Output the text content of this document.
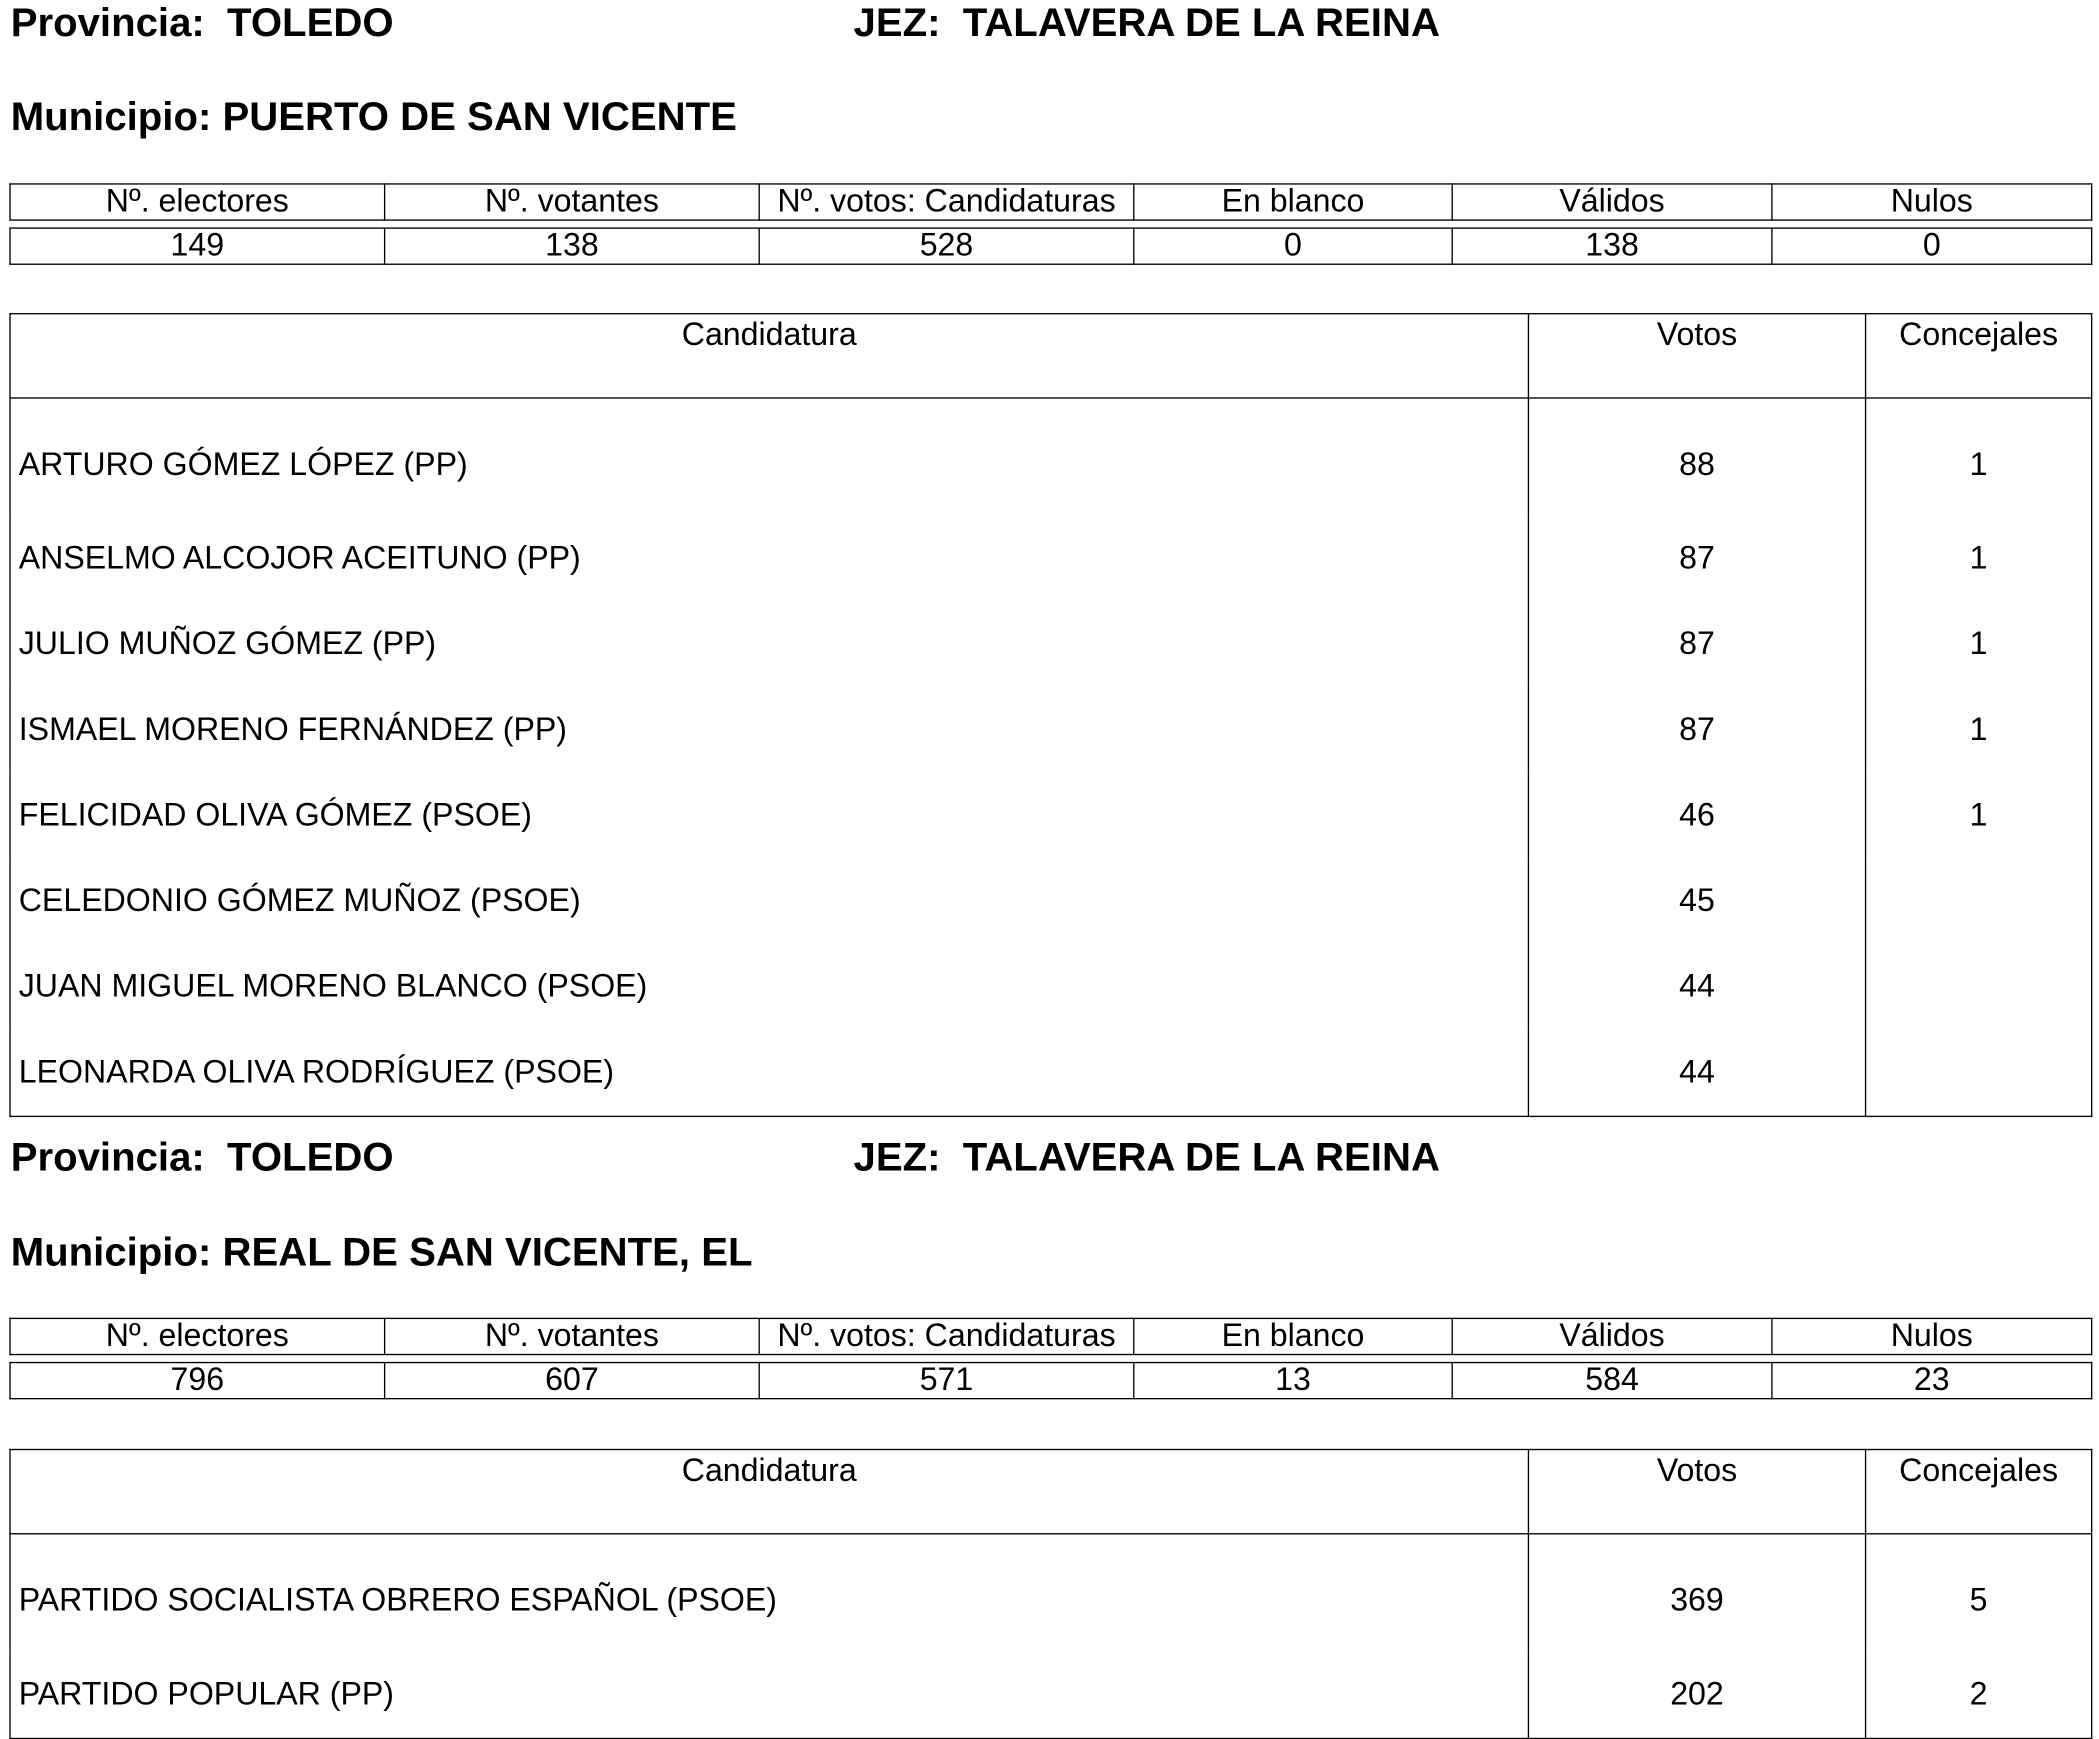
Provincia:  TOLEDO	JEZ:  TALAVERA DE LA REINA

Municipio: PUERTO DE SAN VICENTE

Nº. electores	Nº. votantes	Nº. votos: Candidaturas	En blanco	Válidos	Nulos
149	138	528	0	138	0
Candidatura	Votos	Concejales
ARTURO GÓMEZ LÓPEZ (PP)	88	1
ANSELMO ALCOJOR ACEITUNO (PP)	87	1
JULIO MUÑOZ GÓMEZ (PP)	87	1
ISMAEL MORENO FERNÁNDEZ (PP)	87	1
FELICIDAD OLIVA GÓMEZ (PSOE)	46	1
CELEDONIO GÓMEZ MUÑOZ (PSOE)	45	
JUAN MIGUEL MORENO BLANCO (PSOE)	44	
LEONARDA OLIVA RODRÍGUEZ (PSOE)	44	

Provincia:  TOLEDO	JEZ:  TALAVERA DE LA REINA

Municipio: REAL DE SAN VICENTE, EL

Nº. electores	Nº. votantes	Nº. votos: Candidaturas	En blanco	Válidos	Nulos
796	607	571	13	584	23
Candidatura	Votos	Concejales
PARTIDO SOCIALISTA OBRERO ESPAÑOL (PSOE)	369	5
PARTIDO POPULAR (PP)	202	2
